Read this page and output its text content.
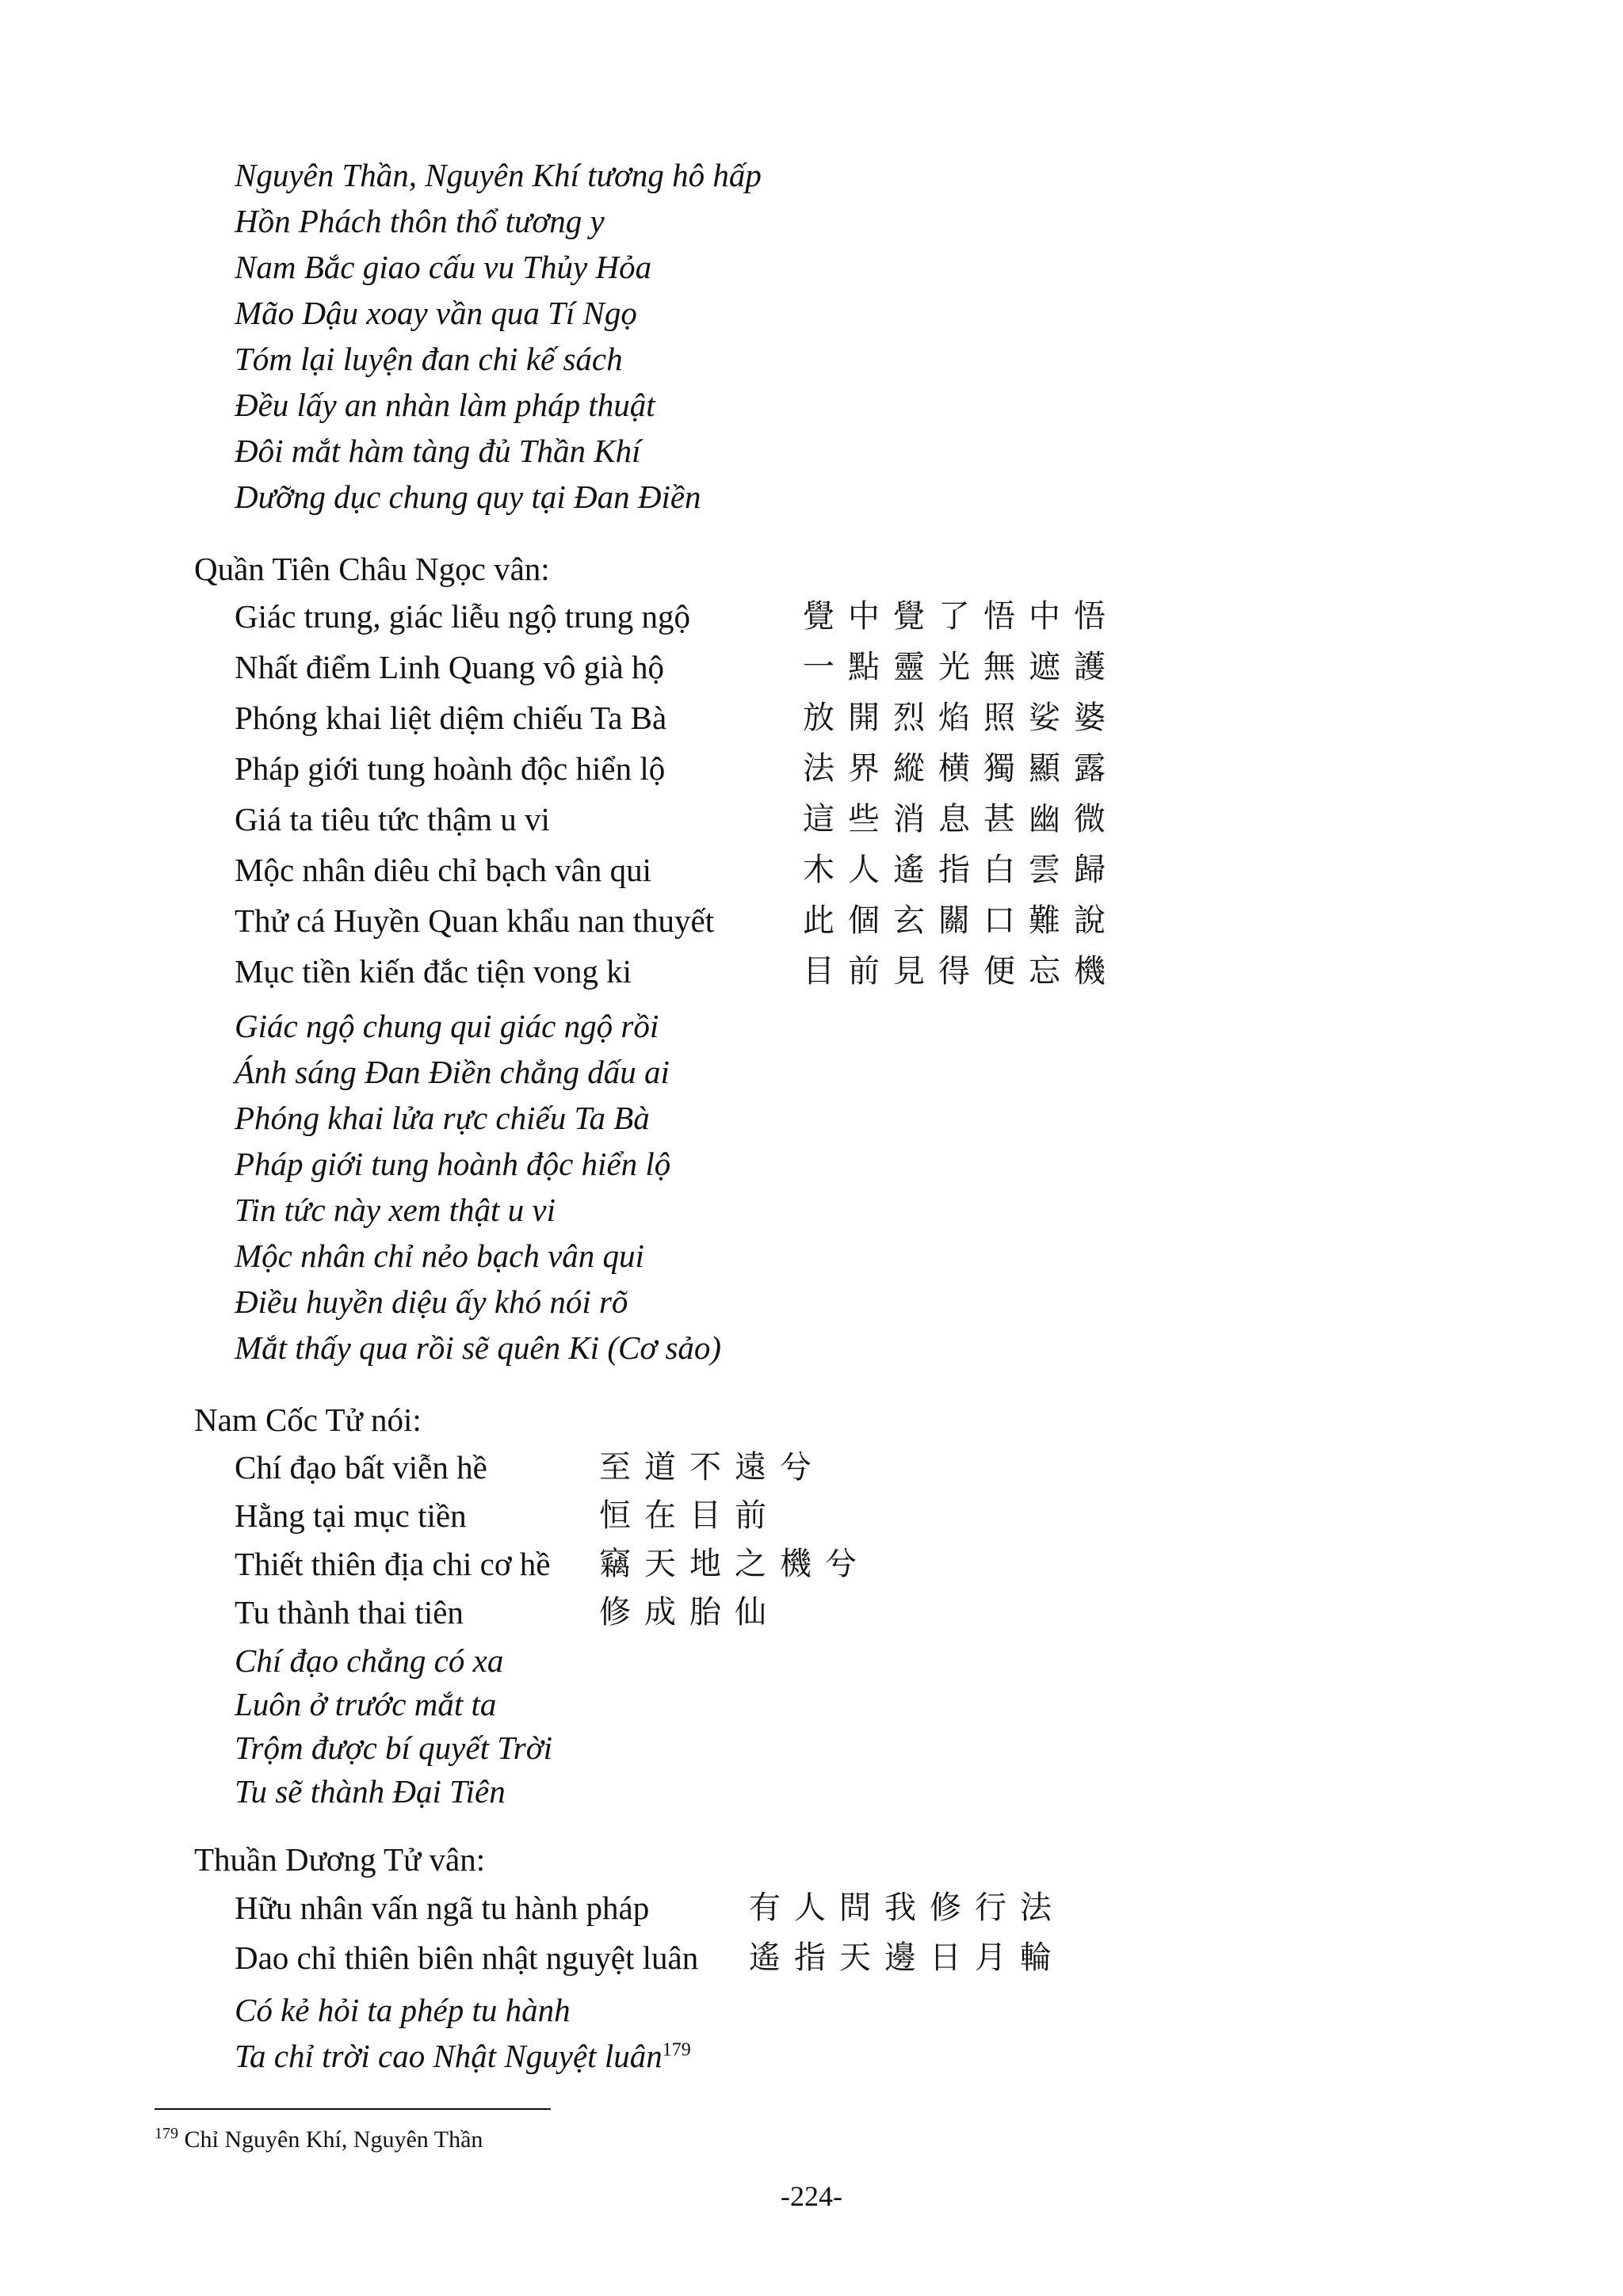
Nguyên Thần, Nguyên Khí tương hô hấp
Hồn Phách thôn thổ tương y
Nam Bắc giao cấu vu Thủy Hỏa
Mão Dậu xoay vần qua Tí Ngọ
Tóm lại luyện đan chi kế sách
Đều lấy an nhàn làm pháp thuật
Đôi mắt hàm tàng đủ Thần Khí
Dưỡng dục chung quy tại Đan Điền
Quần Tiên Châu Ngọc vân:
Giác trung, giác liễu ngộ trung ngộ	覺中覺了悟中悟
Nhất điểm Linh Quang vô già hộ	一點靈光無遮護
Phóng khai liệt diệm chiếu Ta Bà	放開烈焰照娑婆
Pháp giới tung hoành độc hiển lộ	法界縱横獨顯露
Giá ta tiêu tức thậm u vi	這些消息甚幽微
Mộc nhân diêu chỉ bạch vân qui	木人遙指白雲歸
Thử cá Huyền Quan khẩu nan thuyết	此個玄關口難說
Mục tiền kiến đắc tiện vong ki	目前見得便忘機
Giác ngộ chung qui giác ngộ rồi
Ánh sáng Đan Điền chẳng dấu ai
Phóng khai lửa rực chiếu Ta Bà
Pháp giới tung hoành độc hiển lộ
Tin tức này xem thật u vi
Mộc nhân chỉ nẻo bạch vân qui
Điều huyền diệu ấy khó nói rõ
Mắt thấy qua rồi sẽ quên Ki (Cơ sảo)
Nam Cốc Tử nói:
Chí đạo bất viễn hề	至道不遠兮
Hằng tại mục tiền	恒在目前
Thiết thiên địa chi cơ hề 竊天地之機兮
Tu thành thai tiên	修成胎仙
Chí đạo chẳng có xa
Luôn ở trước mắt ta
Trộm được bí quyết Trời
Tu sẽ thành Đại Tiên
Thuần Dương Tử vân:
Hữu nhân vấn ngã tu hành pháp	有人問我修行法
Dao chỉ thiên biên nhật nguyệt luân 遙指天邊日月輪
Có kẻ hỏi ta phép tu hành
Ta chỉ trời cao Nhật Nguyệt luân$^{179}$
$^{179}$ Chỉ Nguyên Khí, Nguyên Thần
-224-
